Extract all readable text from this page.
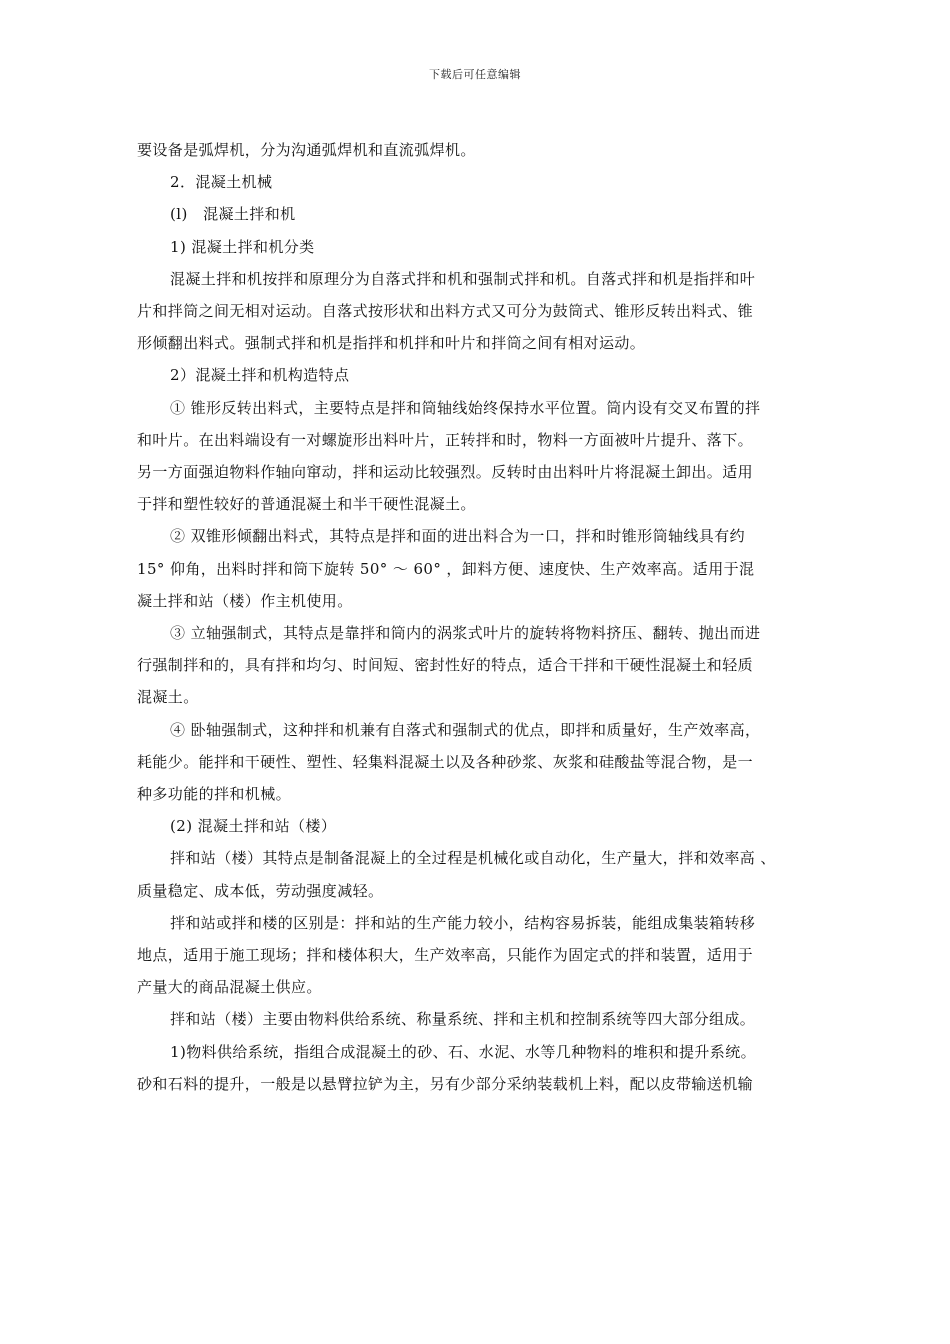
下载后可任意编辑

要设备是弧焊机，分为沟通弧焊机和直流弧焊机。

2．混凝土机械

(l)　混凝土拌和机

1) 混凝土拌和机分类

混凝土拌和机按拌和原理分为自落式拌和机和强制式拌和机。自落式拌和机是指拌和叶

片和拌筒之间无相对运动。自落式按形状和出料方式又可分为鼓筒式、锥形反转出料式、锥

形倾翻出料式。强制式拌和机是指拌和机拌和叶片和拌筒之间有相对运动。

2）混凝土拌和机构造特点

① 锥形反转出料式，主要特点是拌和筒轴线始终保持水平位置。筒内设有交叉布置的拌

和叶片。在出料端设有一对螺旋形出料叶片，正转拌和时，物料一方面被叶片提升、落下。

另一方面强迫物料作轴向窜动，拌和运动比较强烈。反转时由出料叶片将混凝土卸出。适用

于拌和塑性较好的普通混凝土和半干硬性混凝土。

② 双锥形倾翻出料式，其特点是拌和面的进出料合为一口，拌和时锥形筒轴线具有约

15° 仰角，出料时拌和筒下旋转 50° ～ 60° ，卸料方便、速度快、生产效率高。适用于混

凝土拌和站（楼）作主机使用。

③ 立轴强制式，其特点是靠拌和筒内的涡浆式叶片的旋转将物料挤压、翻转、抛出而进

行强制拌和的，具有拌和均匀、时间短、密封性好的特点，适合干拌和干硬性混凝土和轻质

混凝土。

④ 卧轴强制式，这种拌和机兼有自落式和强制式的优点，即拌和质量好，生产效率高，

耗能少。能拌和干硬性、塑性、轻集料混凝土以及各种砂浆、灰浆和硅酸盐等混合物，是一

种多功能的拌和机械。

(2) 混凝土拌和站（楼）

拌和站（楼）其特点是制备混凝上的全过程是机械化或自动化，生产量大，拌和效率高 、

质量稳定、成本低，劳动强度减轻。

拌和站或拌和楼的区别是：拌和站的生产能力较小，结构容易拆装，能组成集装箱转移

地点，适用于施工现场；拌和楼体积大，生产效率高，只能作为固定式的拌和装置，适用于

产量大的商品混凝土供应。

拌和站（楼）主要由物料供给系统、称量系统、拌和主机和控制系统等四大部分组成。

1)物料供给系统，指组合成混凝土的砂、石、水泥、水等几种物料的堆积和提升系统。

砂和石料的提升，一般是以悬臂拉铲为主，另有少部分采纳装载机上料，配以皮带输送机输
